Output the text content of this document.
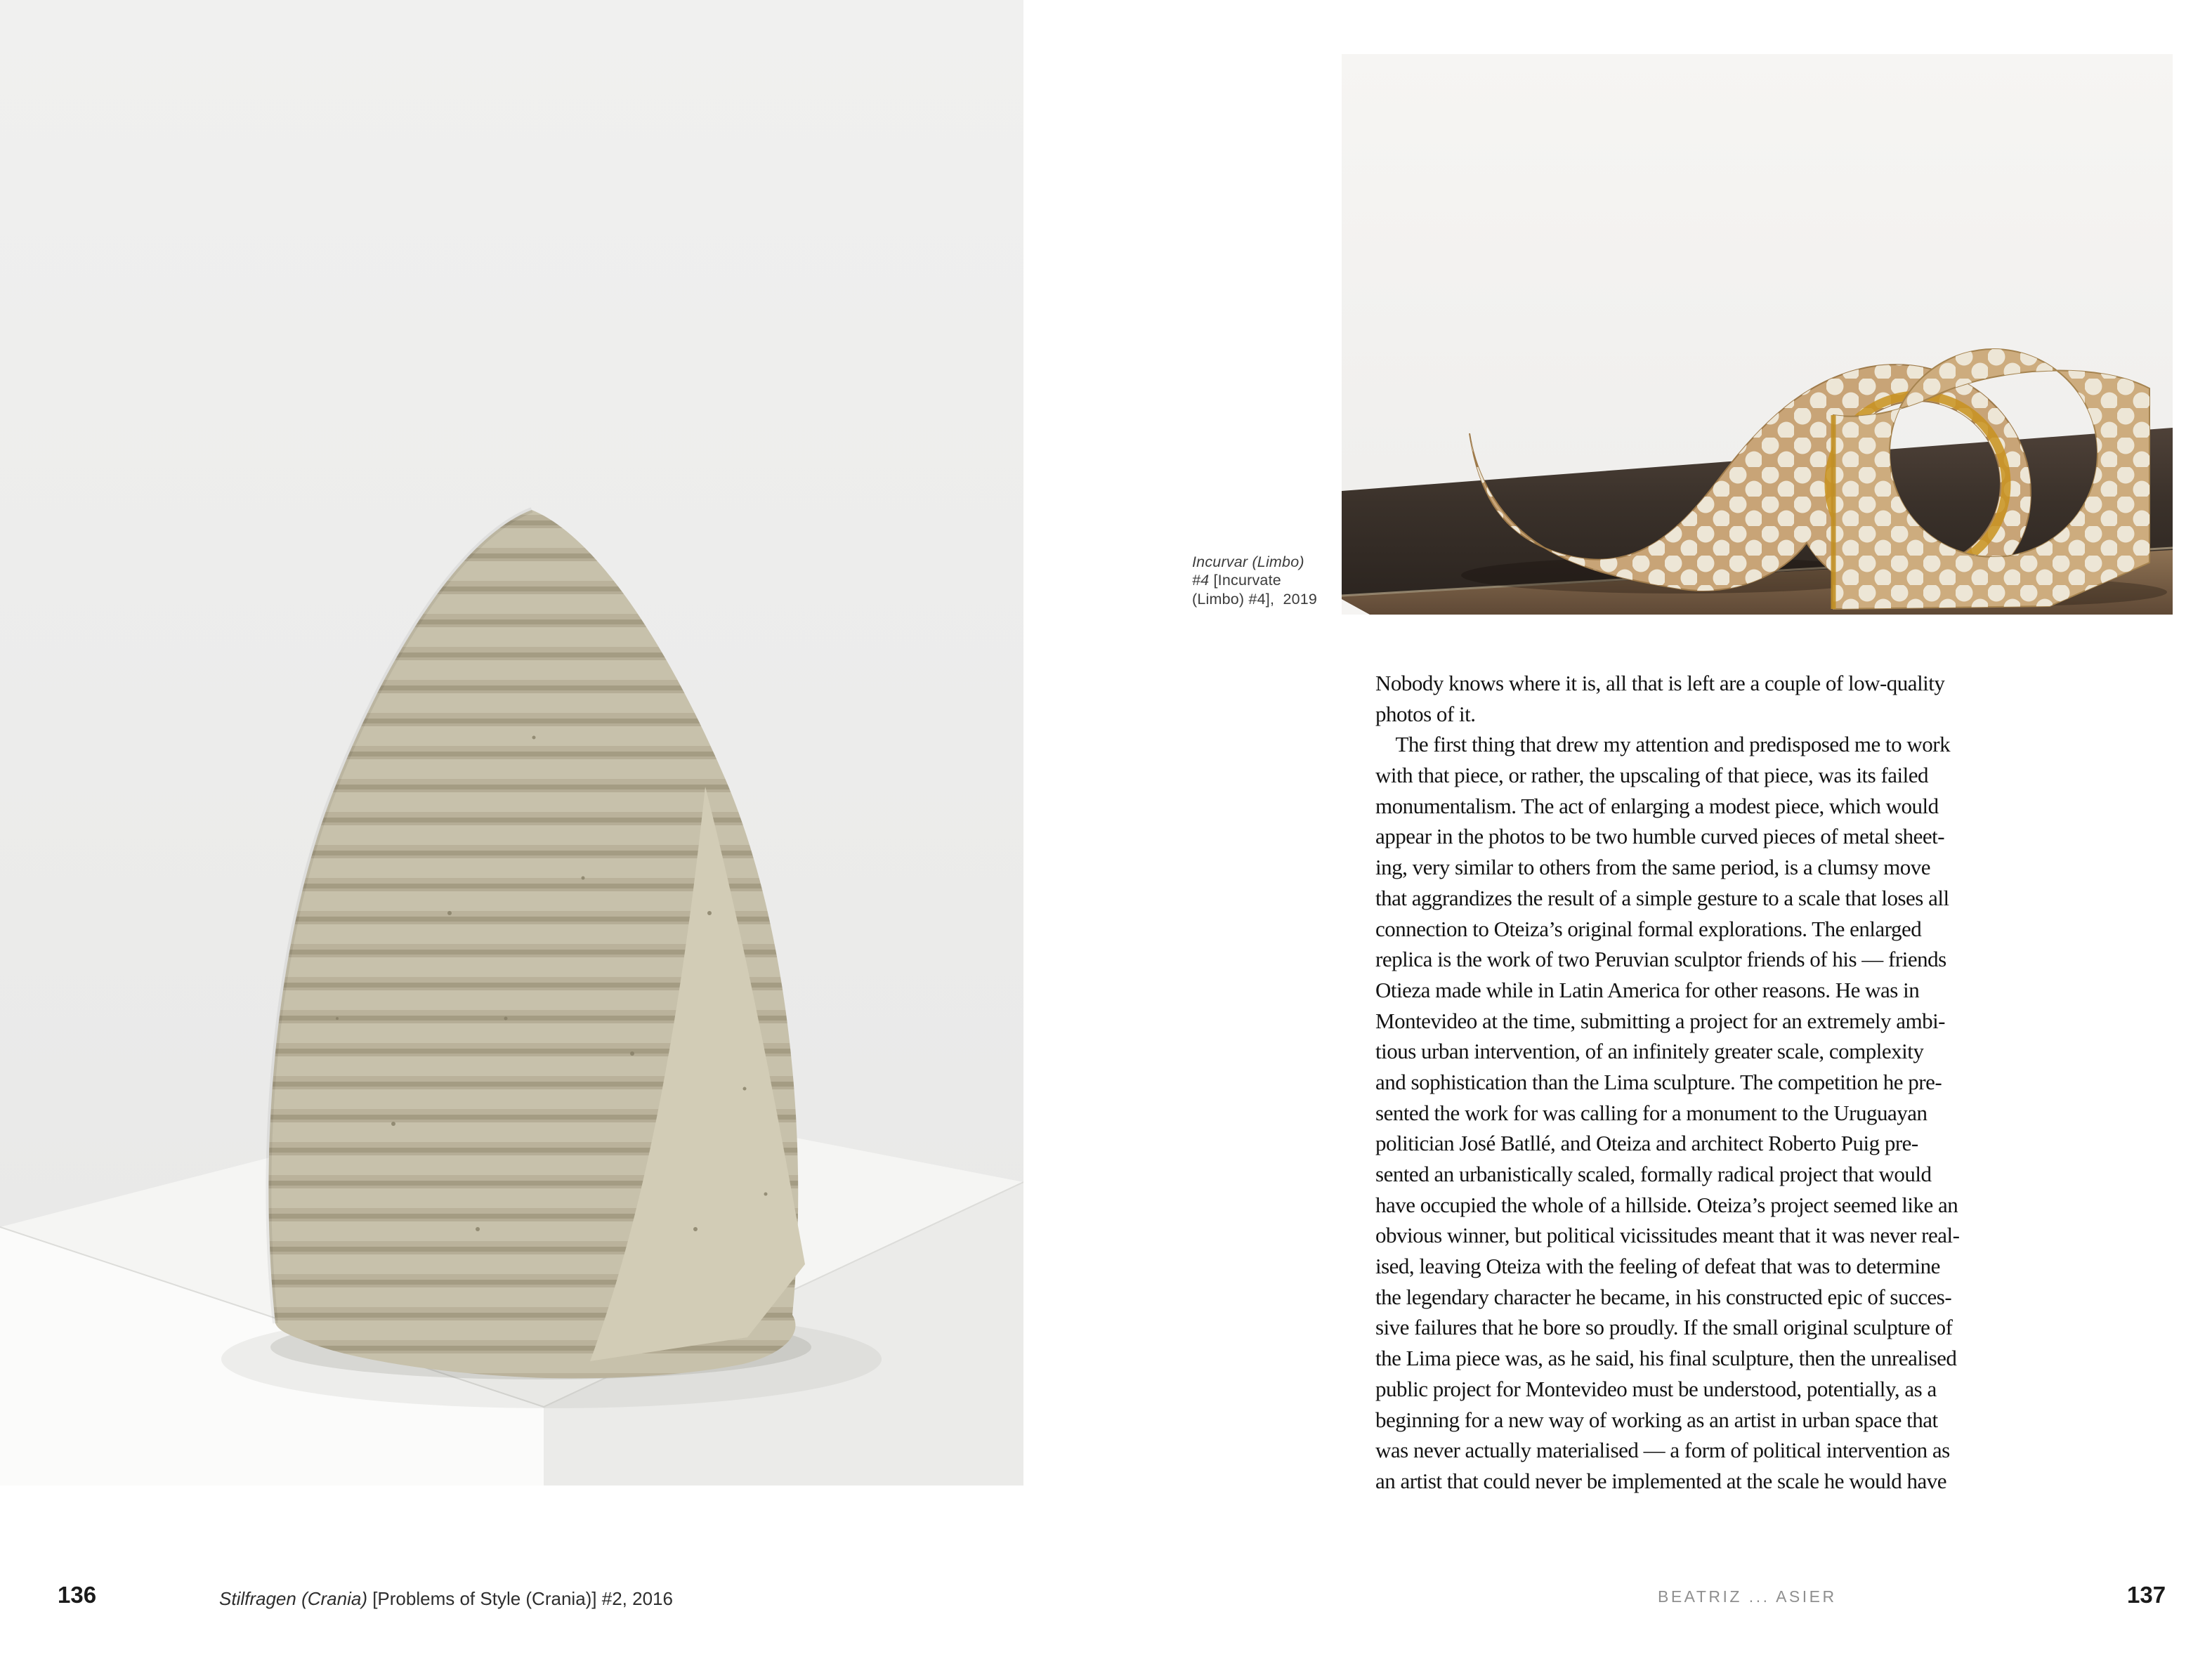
136	Stilfragen (Crania) [Problems of Style (Crania)] #2, 2016

Incurvar (Limbo)
#4 [Incurvate
(Limbo) #4],  2019
Nobody knows where it is, all that is left are a couple of low-quality
photos of it.
The first thing that drew my attention and predisposed me to work
with that piece, or rather, the upscaling of that piece, was its failed
monumentalism. The act of enlarging a modest piece, which would
appear in the photos to be two humble curved pieces of metal sheet-
ing, very similar to others from the same period, is a clumsy move
that aggrandizes the result of a simple gesture to a scale that loses all
connection to Oteiza’s original formal explorations. The enlarged
replica is the work of two Peruvian sculptor friends of his — friends
Otieza made while in Latin America for other reasons. He was in
Montevideo at the time, submitting a project for an extremely ambi-
tious urban intervention, of an infinitely greater scale, complexity
and sophistication than the Lima sculpture. The competition he pre-
sented the work for was calling for a monument to the Uruguayan
politician José Batllé, and Oteiza and architect Roberto Puig pre-
sented an urbanistically scaled, formally radical project that would
have occupied the whole of a hillside. Oteiza’s project seemed like an
obvious winner, but political vicissitudes meant that it was never real-
ised, leaving Oteiza with the feeling of defeat that was to determine
the legendary character he became, in his constructed epic of succes-
sive failures that he bore so proudly. If the small original sculpture of
the Lima piece was, as he said, his final sculpture, then the unrealised
public project for Montevideo must be understood, potentially, as a
beginning for a new way of working as an artist in urban space that
was never actually materialised — a form of political intervention as
an artist that could never be implemented at the scale he would have
BEATRIZ ... ASIER	137
